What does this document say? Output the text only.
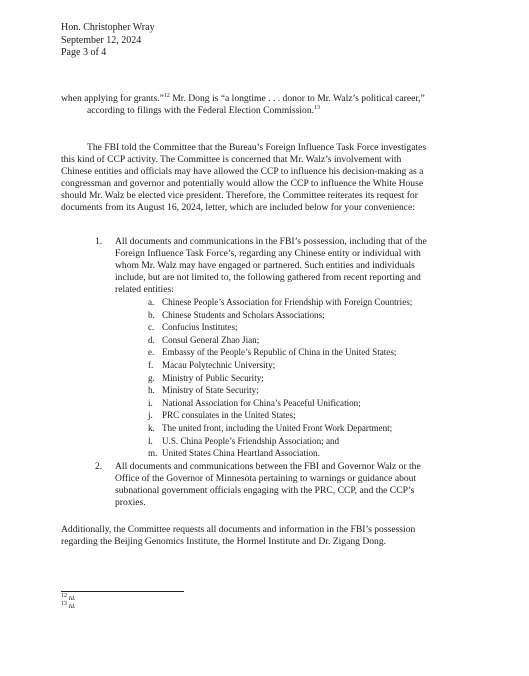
Hon. Christopher Wray
September 12, 2024
Page 3 of 4
when applying for grants.”$^{12}$ Mr. Dong is “a longtime . . . donor to Mr. Walz’s political career,”
according to filings with the Federal Election Commission.$^{13}$
The FBI told the Committee that the Bureau’s Foreign Influence Task Force investigates
this kind of CCP activity. The Committee is concerned that Mr. Walz’s involvement with
Chinese entities and officials may have allowed the CCP to influence his decision-making as a
congressman and governor and potentially would allow the CCP to influence the White House
should Mr. Walz be elected vice president. Therefore, the Committee reiterates its request for
documents from its August 16, 2024, letter, which are included below for your convenience:
1. All documents and communications in the FBI’s possession, including that of the
Foreign Influence Task Force’s, regarding any Chinese entity or individual with
whom Mr. Walz may have engaged or partnered. Such entities and individuals
include, but are not limited to, the following gathered from recent reporting and
related entities:
a. Chinese People’s Association for Friendship with Foreign Countries;
b. Chinese Students and Scholars Associations;
c. Confucius Institutes;
d. Consul General Zhao Jian;
e. Embassy of the People’s Republic of China in the United States;
f. Macau Polytechnic University;
g. Ministry of Public Security;
h. Ministry of State Security;
i.	National Association for China’s Peaceful Unification;
j.	PRC consulates in the United States;
k. The united front, including the United Front Work Department;
l.	U.S. China People’s Friendship Association; and
m. United States China Heartland Association.
2. All documents and communications between the FBI and Governor Walz or the
Office of the Governor of Minnesota pertaining to warnings or guidance about
subnational government officials engaging with the PRC, CCP, and the CCP’s
proxies.
Additionally, the Committee requests all documents and information in the FBI’s possession
regarding the Beijing Genomics Institute, the Hormel Institute and Dr. Zigang Dong.
$^{12}$ Id.
$^{13}$ Id.
